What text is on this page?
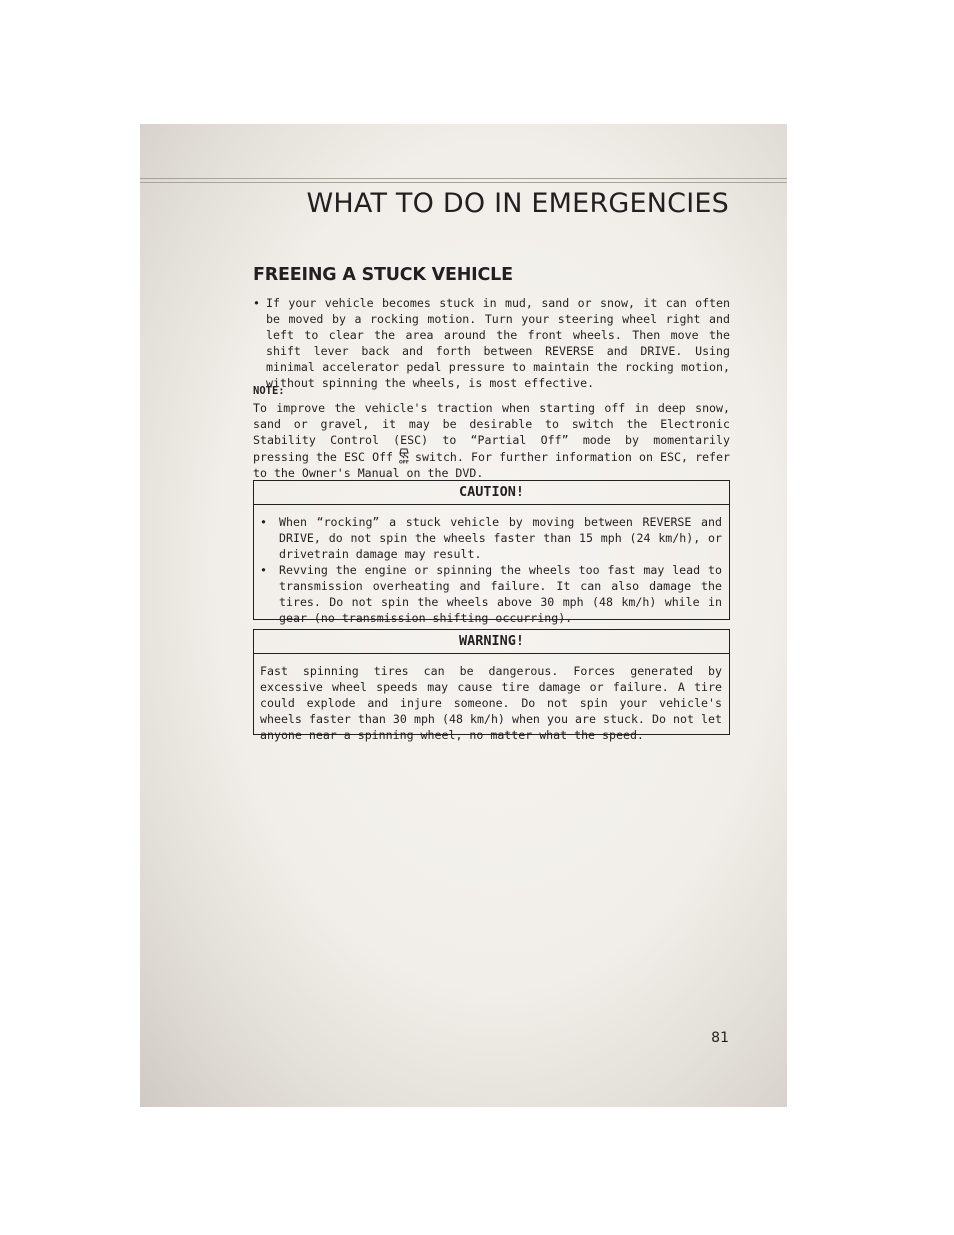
WHAT TO DO IN EMERGENCIES
FREEING A STUCK VEHICLE
• If your vehicle becomes stuck in mud, sand or snow, it can often be moved by a rocking motion. Turn your steering wheel right and left to clear the area around the front wheels. Then move the shift lever back and forth between REVERSE and DRIVE. Using minimal accelerator pedal pressure to maintain the rocking motion, without spinning the wheels, is most effective.
NOTE:
To improve the vehicle's traction when starting off in deep snow, sand or gravel, it may be desirable to switch the Electronic Stability Control (ESC) to “Partial Off” mode by momentarily pressing the ESC Off OFF switch. For further information on ESC, refer to the Owner's Manual on the DVD.
CAUTION!
• When “rocking” a stuck vehicle by moving between REVERSE and DRIVE, do not spin the wheels faster than 15 mph (24 km/h), or drivetrain damage may result.
• Revving the engine or spinning the wheels too fast may lead to transmission overheating and failure. It can also damage the tires. Do not spin the wheels above 30 mph (48 km/h) while in gear (no transmission shifting occurring).
WARNING!
Fast spinning tires can be dangerous. Forces generated by excessive wheel speeds may cause tire damage or failure. A tire could explode and injure someone. Do not spin your vehicle's wheels faster than 30 mph (48 km/h) when you are stuck. Do not let anyone near a spinning wheel, no matter what the speed.
81
